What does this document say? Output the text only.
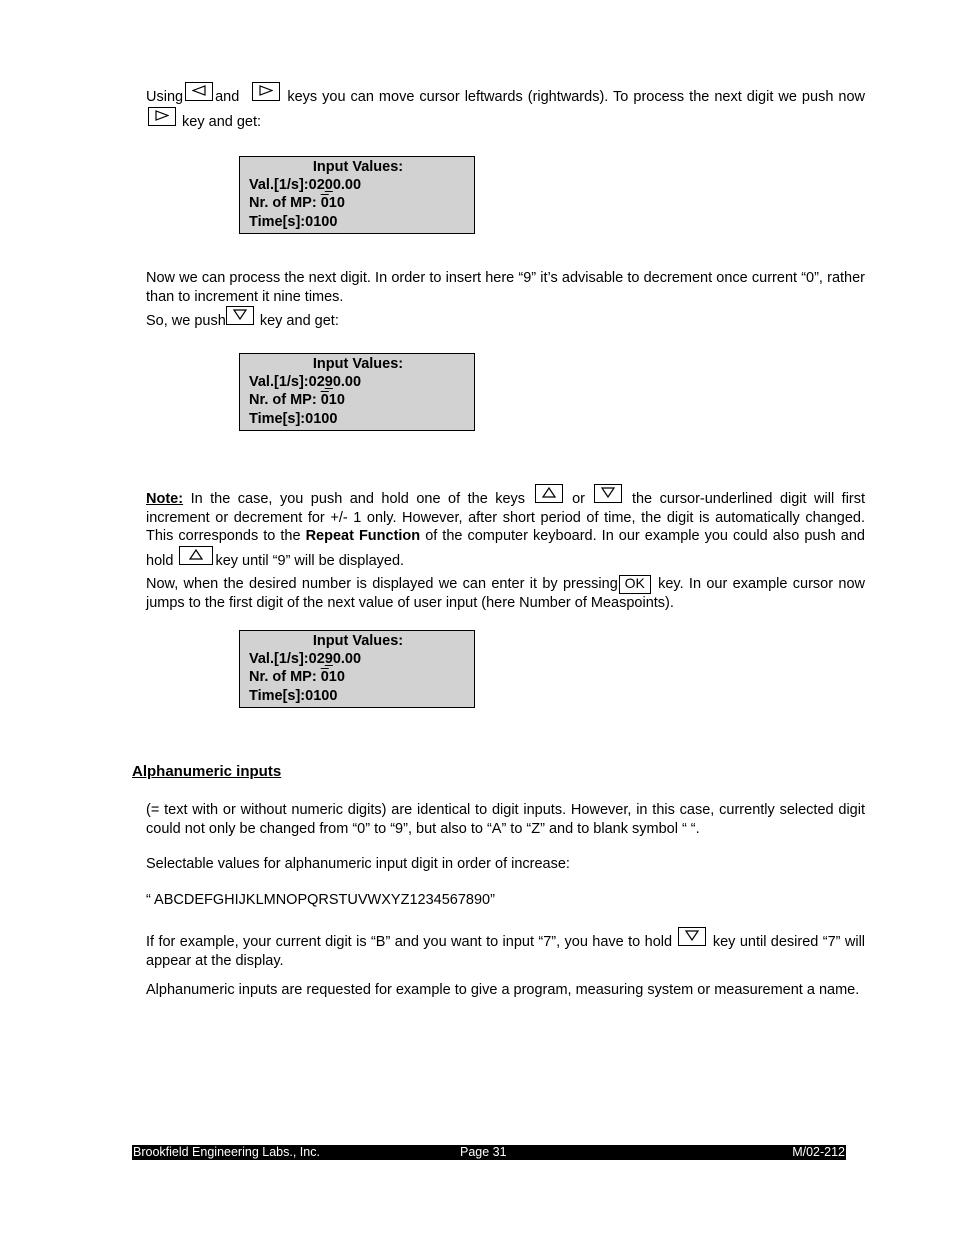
Using and	keys you can move cursor leftwards (rightwards). To process the next digit we push now
key and get:

Input Values:
Val.[1/s]:0200.00
Nr. of MP: 010
Time[s]:0100

Now we can process the next digit. In order to insert here “9” it’s advisable to decrement once current “0”, rather than to increment it nine times.
So, we push key and get:

Input Values:
Val.[1/s]:0290.00
Nr. of MP: 010
Time[s]:0100

Note: In the case, you push and hold one of the keys	or	the cursor-underlined digit will first increment or decrement for +/- 1 only. However, after short period of time, the digit is automatically changed. This corresponds to the Repeat Function of the computer keyboard. In our example you could also push and hold	key until “9” will be displayed.

Now, when the desired number is displayed we can enter it by pressing OK key. In our example cursor now jumps to the first digit of the next value of user input (here Number of Measpoints).

Input Values:
Val.[1/s]:0290.00
Nr. of MP: 010
Time[s]:0100
Alphanumeric inputs

(= text with or without numeric digits) are identical to digit inputs. However, in this case, currently selected digit could not only be changed from “0” to “9”, but also to “A” to “Z” and to blank symbol “ “.

Selectable values for alphanumeric input digit in order of increase:

“ ABCDEFGHIJKLMNOPQRSTUVWXYZ1234567890”

If for example, your current digit is “B” and you want to input “7”, you have to hold	key until desired “7” will appear at the display.

Alphanumeric inputs are requested for example to give a program, measuring system or measurement a name.

Brookfield Engineering Labs., Inc.	Page 31	M/02-212
